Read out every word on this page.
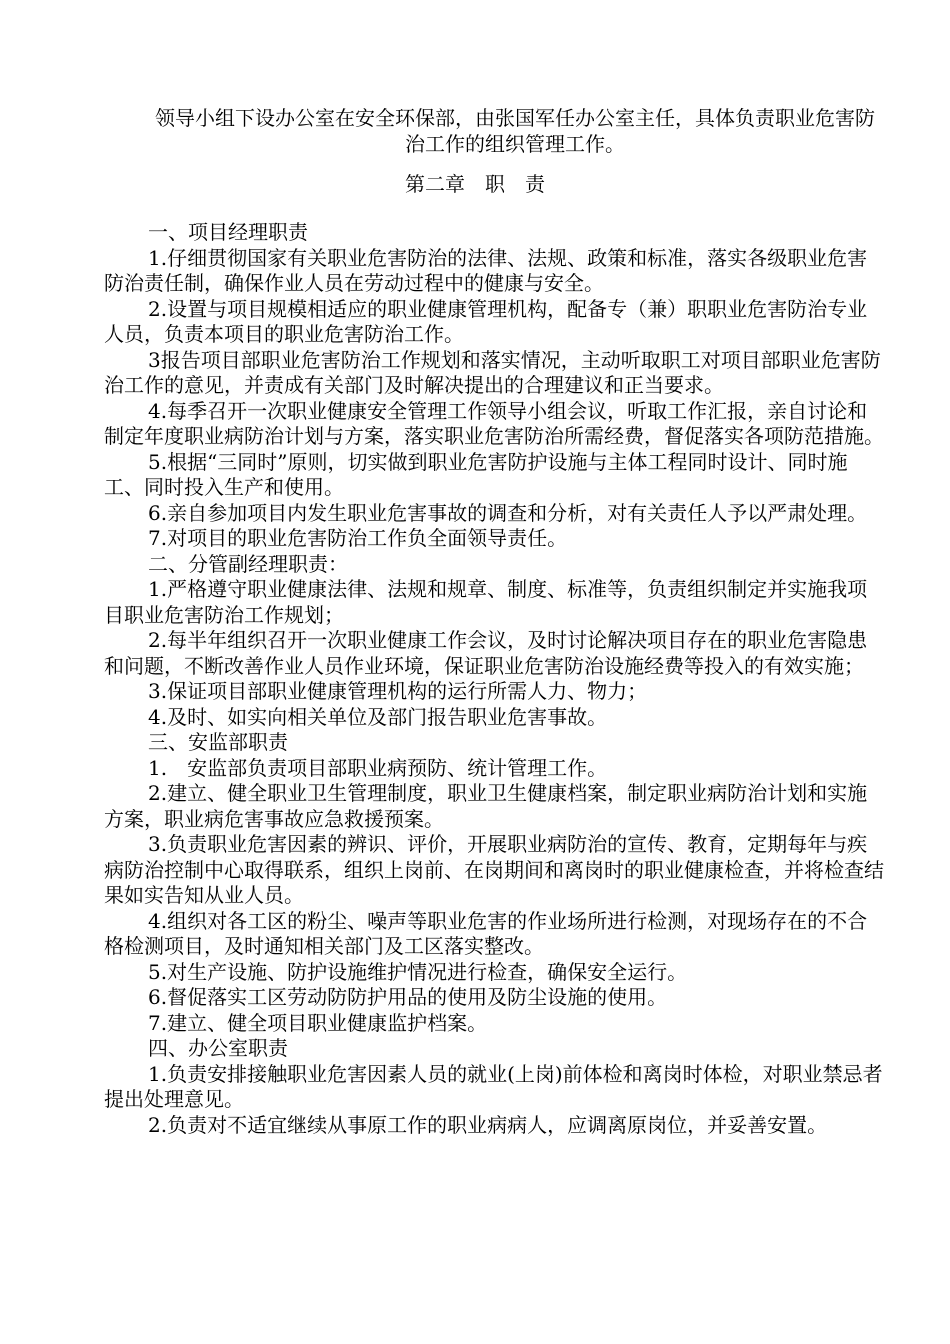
领导小组下设办公室在安全环保部，由张国军任办公室主任，具体负责职业危害防治工作的组织管理工作。
第二章　职　责

一、项目经理职责

1.仔细贯彻国家有关职业危害防治的法律、法规、政策和标准，落实各级职业危害防治责任制，确保作业人员在劳动过程中的健康与安全。

2.设置与项目规模相适应的职业健康管理机构，配备专（兼）职职业危害防治专业人员，负责本项目的职业危害防治工作。

3报告项目部职业危害防治工作规划和落实情况，主动听取职工对项目部职业危害防治工作的意见，并责成有关部门及时解决提出的合理建议和正当要求。

4.每季召开一次职业健康安全管理工作领导小组会议，听取工作汇报，亲自讨论和制定年度职业病防治计划与方案，落实职业危害防治所需经费，督促落实各项防范措施。

5.根据“三同时”原则，切实做到职业危害防护设施与主体工程同时设计、同时施工、同时投入生产和使用。

6.亲自参加项目内发生职业危害事故的调查和分析，对有关责任人予以严肃处理。

7.对项目的职业危害防治工作负全面领导责任。

二、分管副经理职责：

1.严格遵守职业健康法律、法规和规章、制度、标准等，负责组织制定并实施我项目职业危害防治工作规划；

2.每半年组织召开一次职业健康工作会议，及时讨论解决项目存在的职业危害隐患和问题，不断改善作业人员作业环境，保证职业危害防治设施经费等投入的有效实施；

3.保证项目部职业健康管理机构的运行所需人力、物力；

4.及时、如实向相关单位及部门报告职业危害事故。

三、安监部职责

1.　安监部负责项目部职业病预防、统计管理工作。

2.建立、健全职业卫生管理制度，职业卫生健康档案，制定职业病防治计划和实施方案，职业病危害事故应急救援预案。

3.负责职业危害因素的辨识、评价，开展职业病防治的宣传、教育，定期每年与疾病防治控制中心取得联系，组织上岗前、在岗期间和离岗时的职业健康检查，并将检查结果如实告知从业人员。

4.组织对各工区的粉尘、噪声等职业危害的作业场所进行检测，对现场存在的不合格检测项目，及时通知相关部门及工区落实整改。

5.对生产设施、防护设施维护情况进行检查，确保安全运行。

6.督促落实工区劳动防防护用品的使用及防尘设施的使用。

7.建立、健全项目职业健康监护档案。

四、办公室职责

1.负责安排接触职业危害因素人员的就业(上岗)前体检和离岗时体检，对职业禁忌者提出处理意见。

2.负责对不适宜继续从事原工作的职业病病人，应调离原岗位，并妥善安置。
